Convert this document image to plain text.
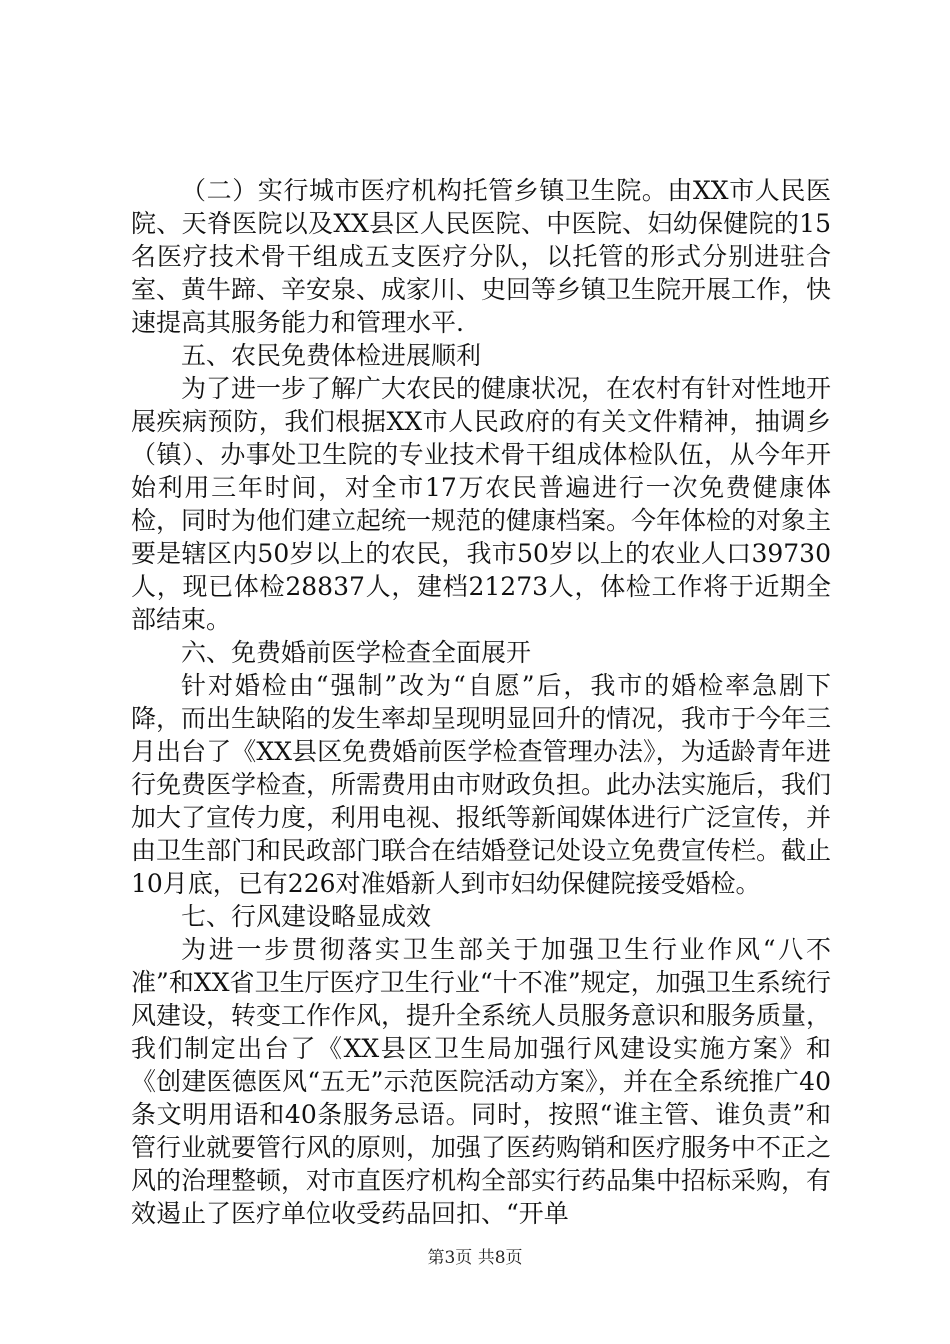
（二）实行城市医疗机构托管乡镇卫生院。由XX市人民医院、天脊医院以及XX县区人民医院、中医院、妇幼保健院的15名医疗技术骨干组成五支医疗分队，以托管的形式分别进驻合室、黄牛蹄、辛安泉、成家川、史回等乡镇卫生院开展工作，快速提高其服务能力和管理水平.

五、农民免费体检进展顺利

为了进一步了解广大农民的健康状况，在农村有针对性地开展疾病预防，我们根据XX市人民政府的有关文件精神，抽调乡（镇）、办事处卫生院的专业技术骨干组成体检队伍，从今年开始利用三年时间，对全市17万农民普遍进行一次免费健康体检，同时为他们建立起统一规范的健康档案。今年体检的对象主要是辖区内50岁以上的农民，我市50岁以上的农业人口39730人，现已体检28837人，建档21273人，体检工作将于近期全部结束。

六、免费婚前医学检查全面展开

针对婚检由“强制”改为“自愿”后，我市的婚检率急剧下降，而出生缺陷的发生率却呈现明显回升的情况，我市于今年三月出台了《XX县区免费婚前医学检查管理办法》，为适龄青年进行免费医学检查，所需费用由市财政负担。此办法实施后，我们加大了宣传力度，利用电视、报纸等新闻媒体进行广泛宣传，并由卫生部门和民政部门联合在结婚登记处设立免费宣传栏。截止10月底，已有226对准婚新人到市妇幼保健院接受婚检。

七、行风建设略显成效

为进一步贯彻落实卫生部关于加强卫生行业作风“八不准”和XX省卫生厅医疗卫生行业“十不准”规定，加强卫生系统行风建设，转变工作作风，提升全系统人员服务意识和服务质量，我们制定出台了《XX县区卫生局加强行风建设实施方案》和《创建医德医风“五无”示范医院活动方案》，并在全系统推广40条文明用语和40条服务忌语。同时，按照“谁主管、谁负责”和管行业就要管行风的原则，加强了医药购销和医疗服务中不正之风的治理整顿，对市直医疗机构全部实行药品集中招标采购，有效遏止了医疗单位收受药品回扣、“开单

第3页 共8页
